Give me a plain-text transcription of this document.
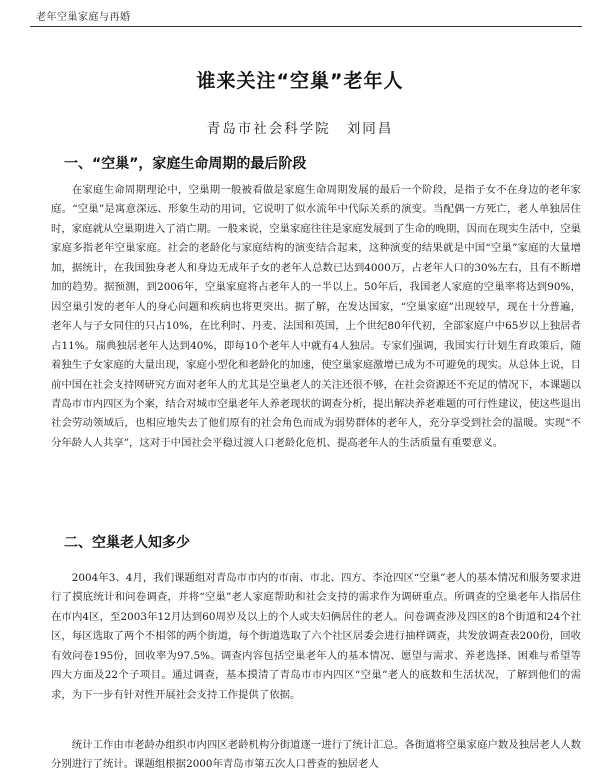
老年空巢家庭与再婚
谁来关注“空巢”老年人
青岛市社会科学院 刘同昌
一、“空巢”，家庭生命周期的最后阶段

在家庭生命周期理论中，空巢期一般被看做是家庭生命周期发展的最后一个阶段，是指子女不在身边的老年家庭。“空巢”是寓意深远、形象生动的用词，它说明了似水流年中代际关系的演变。当配偶一方死亡，老人单独居住时，家庭就从空巢期进入了消亡期。一般来说，空巢家庭往往是家庭发展到了生命的晚期，因而在现实生活中，空巢家庭多指老年空巢家庭。社会的老龄化与家庭结构的演变结合起来，这种演变的结果就是中国“空巢”家庭的大量增加，据统计，在我国独身老人和身边无成年子女的老年人总数已达到4000万，占老年人口的30%左右，且有不断增加的趋势。据预测，到2006年，空巢家庭将占老年人的一半以上。50年后，我国老人家庭的空巢率将达到90%，因空巢引发的老年人的身心问题和疾病也将更突出。据了解，在发达国家，“空巢家庭”出现较早，现在十分普遍，老年人与子女同住的只占10%，在比利时、丹麦、法国和英国，上个世纪80年代初，全部家庭户中65岁以上独居者占11%。瑞典独居老年人达到40%，即每10个老年人中就有4人独居。专家们强调，我国实行计划生育政策后，随着独生子女家庭的大量出现，家庭小型化和老龄化的加速，使空巢家庭激增已成为不可避免的现实。从总体上说，目前中国在社会支持网研究方面对老年人的尤其是空巢老人的关注还很不够，在社会资源还不充足的情况下，本课题以青岛市市内四区为个案，结合对城市空巢老年人养老现状的调查分析，提出解决养老难题的可行性建议，使这些退出社会劳动领域后，也相应地失去了他们原有的社会角色而成为弱势群体的老年人，充分享受到社会的温暖。实现“不分年龄人人共享”，这对于中国社会平稳过渡人口老龄化危机、提高老年人的生活质量有重要意义。

二、空巢老人知多少

2004年3、4月，我们课题组对青岛市市内的市南、市北、四方、李沧四区“空巢”老人的基本情况和服务要求进行了摸底统计和问卷调查，并将“空巢”老人家庭帮助和社会支持的需求作为调研重点。所调查的空巢老年人指居住在市内4区，至2003年12月达到60周岁及以上的个人或夫妇俩居住的老人。问卷调查涉及四区的8个街道和24个社区，每区选取了两个不相邻的两个街道，每个街道选取了六个社区居委会进行抽样调查，共发放调查表200份，回收有效问卷195份，回收率为97.5%。调查内容包括空巢老年人的基本情况、愿望与需求、养老选择、困难与希望等四大方面及22个子项目。通过调查，基本摸清了青岛市市内四区“空巢”老人的底数和生活状况，了解到他们的需求，为下一步有针对性开展社会支持工作提供了依据。

统计工作由市老龄办组织市内四区老龄机构分街道逐一进行了统计汇总。各街道将空巢家庭户数及独居老人人数分别进行了统计。课题组根据2000年青岛市第五次人口普查的独居老人
